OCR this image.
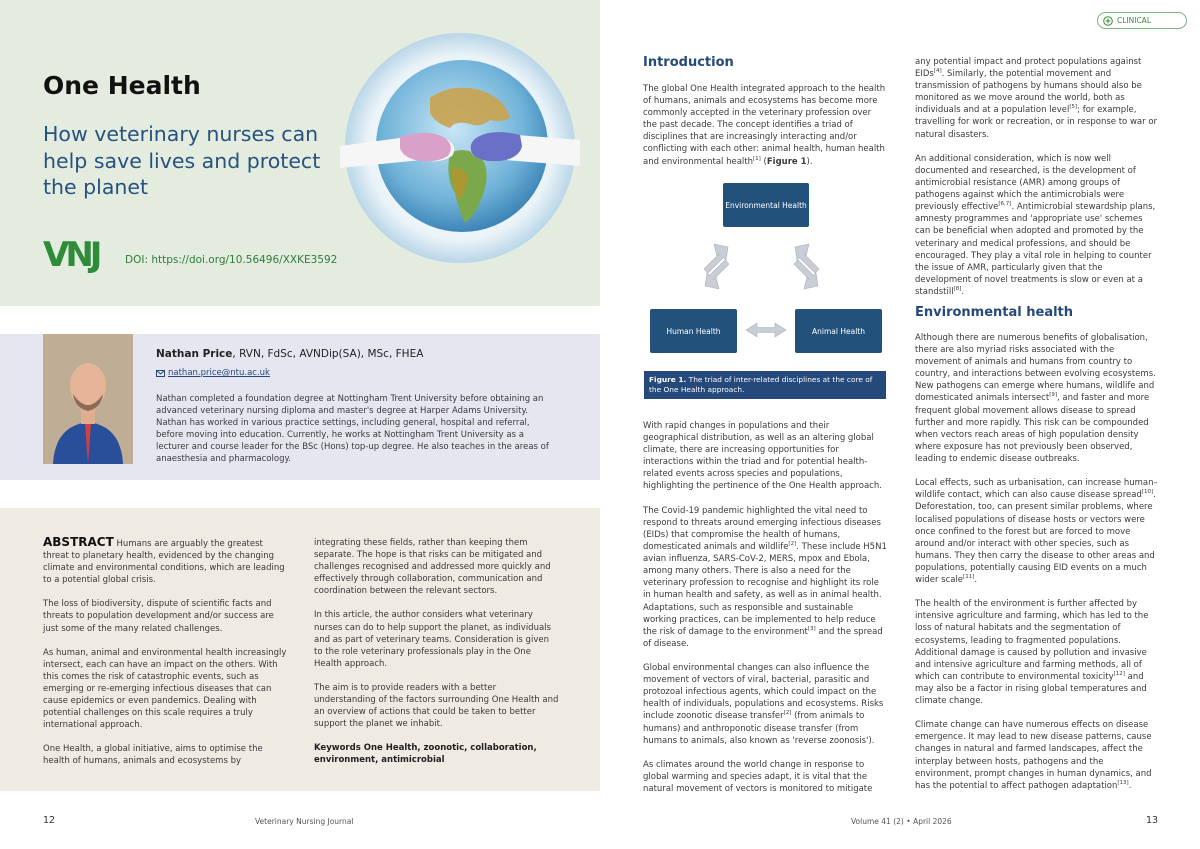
One Health
How veterinary nurses can help save lives and protect the planet
VNJ	DOI: https://doi.org/10.56496/XXKE3592
Nathan Price, RVN, FdSc, AVNDip(SA), MSc, FHEA
nathan.price@ntu.ac.uk
Nathan completed a foundation degree at Nottingham Trent University before obtaining an advanced veterinary nursing diploma and master's degree at Harper Adams University. Nathan has worked in various practice settings, including general, hospital and referral, before moving into education. Currently, he works at Nottingham Trent University as a lecturer and course leader for the BSc (Hons) top-up degree. He also teaches in the areas of anaesthesia and pharmacology.

ABSTRACT Humans are arguably the greatest threat to planetary health, evidenced by the changing climate and environmental conditions, which are leading to a potential global crisis.

The loss of biodiversity, dispute of scientific facts and threats to population development and/or success are just some of the many related challenges.

As human, animal and environmental health increasingly intersect, each can have an impact on the others. With this comes the risk of catastrophic events, such as emerging or re-emerging infectious diseases that can cause epidemics or even pandemics. Dealing with potential challenges on this scale requires a truly international approach.

One Health, a global initiative, aims to optimise the health of humans, animals and ecosystems by

integrating these fields, rather than keeping them separate. The hope is that risks can be mitigated and challenges recognised and addressed more quickly and effectively through collaboration, communication and coordination between the relevant sectors.

In this article, the author considers what veterinary nurses can do to help support the planet, as individuals and as part of veterinary teams. Consideration is given to the role veterinary professionals play in the One Health approach.

The aim is to provide readers with a better understanding of the factors surrounding One Health and an overview of actions that could be taken to better support the planet we inhabit.

Keywords One Health, zoonotic, collaboration, environment, antimicrobial

CLINICAL
Introduction
The global One Health integrated approach to the health of humans, animals and ecosystems has become more commonly accepted in the veterinary profession over the past decade. The concept identifies a triad of disciplines that are increasingly interacting and/or conflicting with each other: animal health, human health and environmental health[1] (Figure 1).
Environmental Health
Human Health	Animal Health
Figure 1. The triad of inter-related disciplines at the core of the One Health approach.

With rapid changes in populations and their geographical distribution, as well as an altering global climate, there are increasing opportunities for interactions within the triad and for potential health-related events across species and populations, highlighting the pertinence of the One Health approach.

The Covid-19 pandemic highlighted the vital need to respond to threats around emerging infectious diseases (EIDs) that compromise the health of humans, domesticated animals and wildlife[2]. These include H5N1 avian influenza, SARS-CoV-2, MERS, mpox and Ebola, among many others. There is also a need for the veterinary profession to recognise and highlight its role in human health and safety, as well as in animal health. Adaptations, such as responsible and sustainable working practices, can be implemented to help reduce the risk of damage to the environment[3] and the spread of disease.

Global environmental changes can also influence the movement of vectors of viral, bacterial, parasitic and protozoal infectious agents, which could impact on the health of individuals, populations and ecosystems. Risks include zoonotic disease transfer[2] (from animals to humans) and anthroponotic disease transfer (from humans to animals, also known as 'reverse zoonosis').

As climates around the world change in response to global warming and species adapt, it is vital that the natural movement of vectors is monitored to mitigate

any potential impact and protect populations against EIDs[4]. Similarly, the potential movement and transmission of pathogens by humans should also be monitored as we move around the world, both as individuals and at a population level[5]; for example, travelling for work or recreation, or in response to war or natural disasters.

An additional consideration, which is now well documented and researched, is the development of antimicrobial resistance (AMR) among groups of pathogens against which the antimicrobials were previously effective[6,7]. Antimicrobial stewardship plans, amnesty programmes and 'appropriate use' schemes can be beneficial when adopted and promoted by the veterinary and medical professions, and should be encouraged. They play a vital role in helping to counter the issue of AMR, particularly given that the development of novel treatments is slow or even at a standstill[8].

Environmental health

Although there are numerous benefits of globalisation, there are also myriad risks associated with the movement of animals and humans from country to country, and interactions between evolving ecosystems. New pathogens can emerge where humans, wildlife and domesticated animals intersect[9], and faster and more frequent global movement allows disease to spread further and more rapidly. This risk can be compounded when vectors reach areas of high population density where exposure has not previously been observed, leading to endemic disease outbreaks.

Local effects, such as urbanisation, can increase human–wildlife contact, which can also cause disease spread[10]. Deforestation, too, can present similar problems, where localised populations of disease hosts or vectors were once confined to the forest but are forced to move around and/or interact with other species, such as humans. They then carry the disease to other areas and populations, potentially causing EID events on a much wider scale[11].

The health of the environment is further affected by intensive agriculture and farming, which has led to the loss of natural habitats and the segmentation of ecosystems, leading to fragmented populations. Additional damage is caused by pollution and invasive and intensive agriculture and farming methods, all of which can contribute to environmental toxicity[12] and may also be a factor in rising global temperatures and climate change.

Climate change can have numerous effects on disease emergence. It may lead to new disease patterns, cause changes in natural and farmed landscapes, affect the interplay between hosts, pathogens and the environment, prompt changes in human dynamics, and has the potential to affect pathogen adaptation[13].

12	Veterinary Nursing Journal	Volume 41 (2) • April 2026	13
